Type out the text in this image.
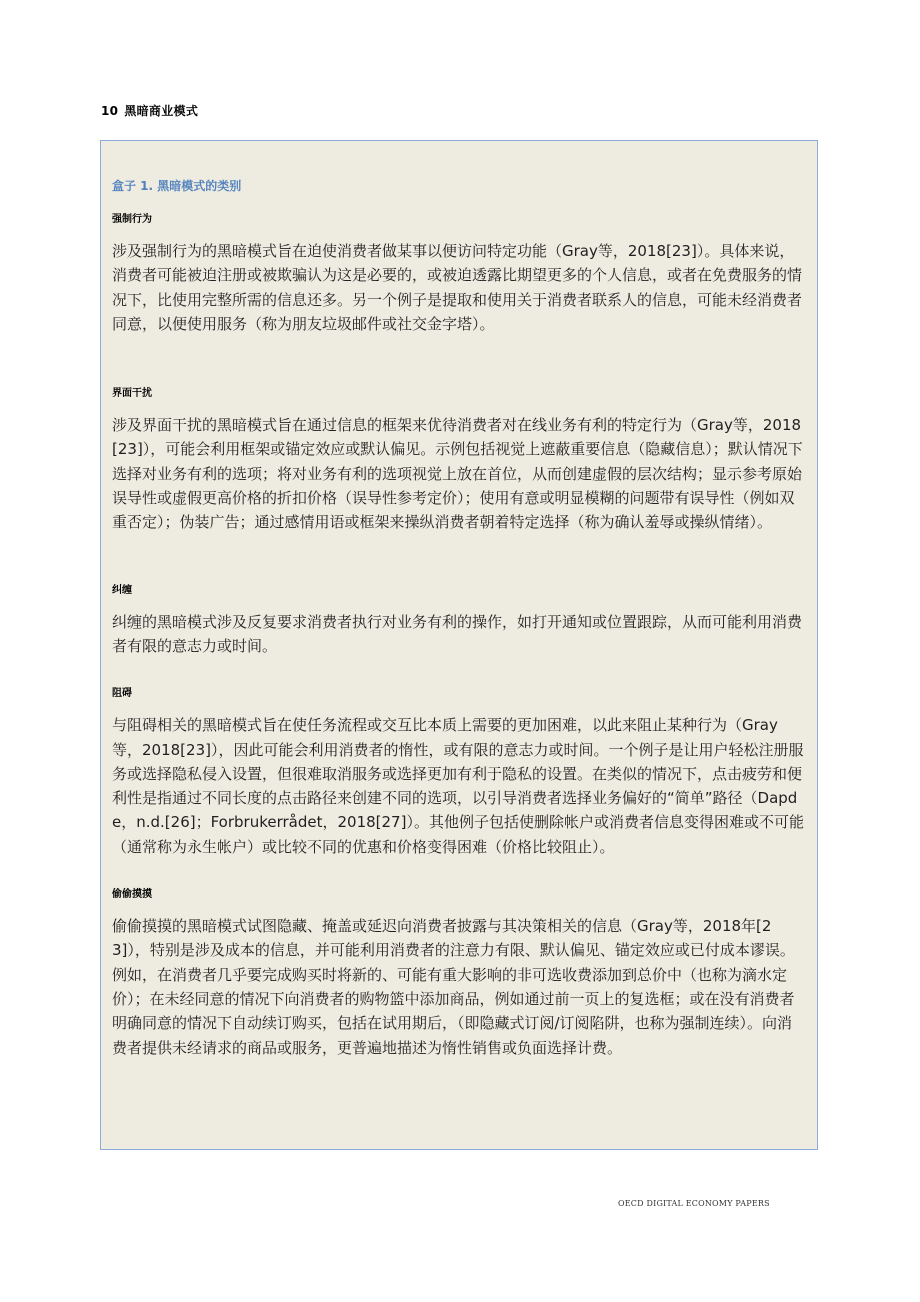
10 黑暗商业模式
盒子 1. 黑暗模式的类别
强制行为

涉及强制行为的黑暗模式旨在迫使消费者做某事以便访问特定功能（Gray等，2018[23]）。具体来说，消费者可能被迫注册或被欺骗认为这是必要的，或被迫透露比期望更多的个人信息，或者在免费服务的情况下，比使用完整所需的信息还多。另一个例子是提取和使用关于消费者联系人的信息，可能未经消费者同意，以便使用服务（称为朋友垃圾邮件或社交金字塔）。

界面干扰

涉及界面干扰的黑暗模式旨在通过信息的框架来优待消费者对在线业务有利的特定行为（Gray等，2018[23]），可能会利用框架或锚定效应或默认偏见。示例包括视觉上遮蔽重要信息（隐藏信息）；默认情况下选择对业务有利的选项；将对业务有利的选项视觉上放在首位，从而创建虚假的层次结构；显示参考原始误导性或虚假更高价格的折扣价格（误导性参考定价）；使用有意或明显模糊的问题带有误导性（例如双重否定）；伪装广告；通过感情用语或框架来操纵消费者朝着特定选择（称为确认羞辱或操纵情绪）。

纠缠

纠缠的黑暗模式涉及反复要求消费者执行对业务有利的操作，如打开通知或位置跟踪，从而可能利用消费者有限的意志力或时间。

阻碍

与阻碍相关的黑暗模式旨在使任务流程或交互比本质上需要的更加困难，以此来阻止某种行为（Gray等，2018[23]），因此可能会利用消费者的惰性，或有限的意志力或时间。一个例子是让用户轻松注册服务或选择隐私侵入设置，但很难取消服务或选择更加有利于隐私的设置。在类似的情况下，点击疲劳和便利性是指通过不同长度的点击路径来创建不同的选项，以引导消费者选择业务偏好的“简单”路径（Dapde，n.d.[26]；Forbrukerrådet，2018[27]）。其他例子包括使删除帐户或消费者信息变得困难或不可能（通常称为永生帐户）或比较不同的优惠和价格变得困难（价格比较阻止）。

偷偷摸摸

偷偷摸摸的黑暗模式试图隐藏、掩盖或延迟向消费者披露与其决策相关的信息（Gray等，2018年[23]），特别是涉及成本的信息，并可能利用消费者的注意力有限、默认偏见、锚定效应或已付成本谬误。例如，在消费者几乎要完成购买时将新的、可能有重大影响的非可选收费添加到总价中（也称为滴水定价）；在未经同意的情况下向消费者的购物篮中添加商品，例如通过前一页上的复选框；或在没有消费者明确同意的情况下自动续订购买，包括在试用期后，（即隐藏式订阅/订阅陷阱，也称为强制连续）。向消费者提供未经请求的商品或服务，更普遍地描述为惰性销售或负面选择计费。

OECD DIGITAL ECONOMY PAPERS
